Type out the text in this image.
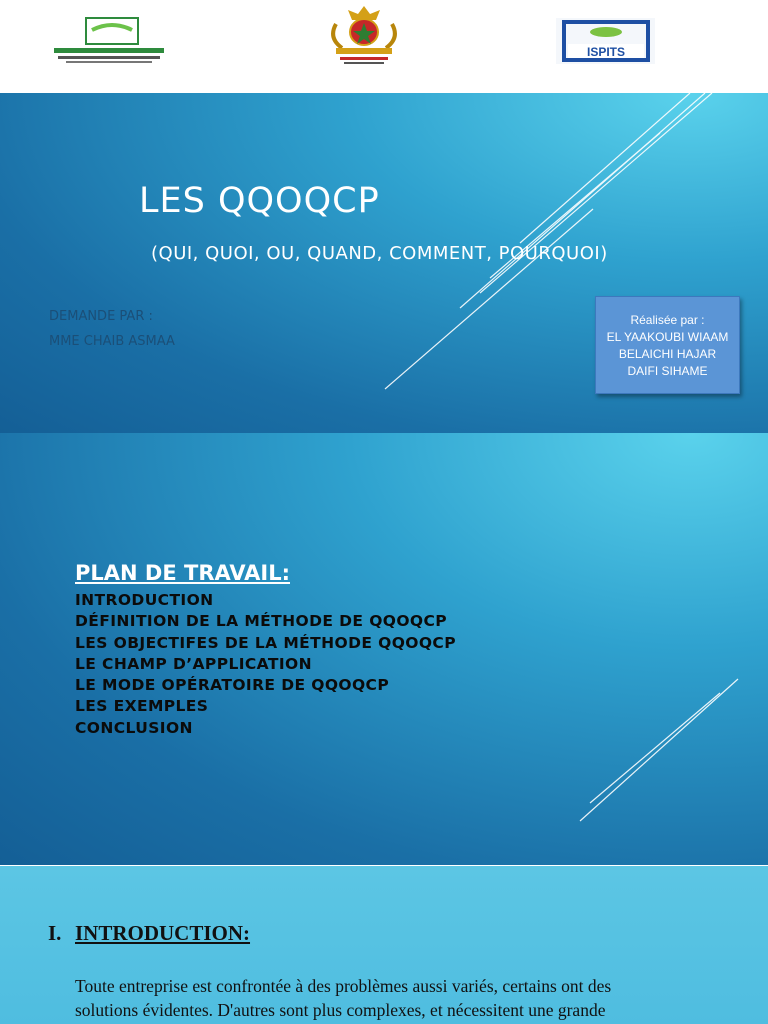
ISPITS
LES QQOQCP
(QUI, QUOI, OU, QUAND, COMMENT, POURQUOI)
DEMANDE PAR :
MME CHAIB ASMAA
Réalisée par :
EL YAAKOUBI WIAAM
BELAICHI HAJAR
DAIFI SIHAME
PLAN DE TRAVAIL:
INTRODUCTION
DÉFINITION DE LA MÉTHODE DE QQOQCP
LES OBJECTIFES DE LA MÉTHODE QQOQCP
LE CHAMP D’APPLICATION
LE MODE OPÉRATOIRE DE QQOQCP
LES EXEMPLES
CONCLUSION
I. INTRODUCTION:
Toute entreprise est confrontée à des problèmes aussi variés, certains ont des
solutions évidentes. D'autres sont plus complexes, et nécessitent une grande
